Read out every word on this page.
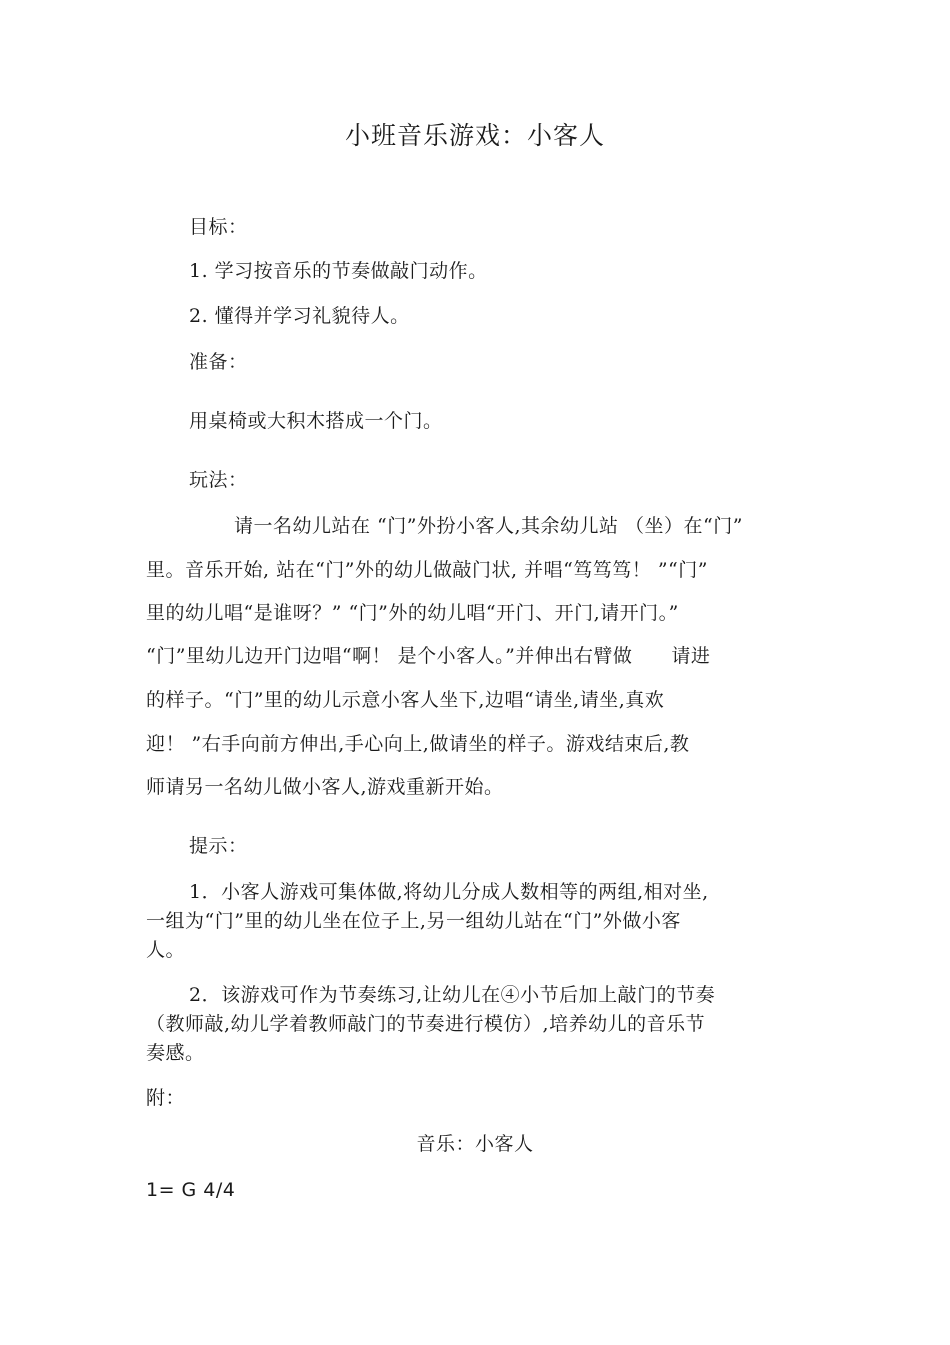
小班音乐游戏：小客人
目标：
1. 学习按音乐的节奏做敲门动作。
2. 懂得并学习礼貌待人。
准备：
用桌椅或大积木搭成一个门。
玩法：
请一名幼儿站在 “门”外扮小客人,其余幼儿站 （坐）在“门”
里。音乐开始, 站在“门”外的幼儿做敲门状, 并唱“笃笃笃！ ”“门”
里的幼儿唱“是谁呀？” “门”外的幼儿唱“开门、开门,请开门。”
“门”里幼儿边开门边唱“啊！ 是个小客人。”并伸出右臂做　　请进
的样子。“门”里的幼儿示意小客人坐下,边唱“请坐,请坐,真欢
迎！ ”右手向前方伸出,手心向上,做请坐的样子。游戏结束后,教
师请另一名幼儿做小客人,游戏重新开始。
提示：
1．小客人游戏可集体做,将幼儿分成人数相等的两组,相对坐,
一组为“门”里的幼儿坐在位子上,另一组幼儿站在“门”外做小客
人。
2．该游戏可作为节奏练习,让幼儿在④小节后加上敲门的节奏
（教师敲,幼儿学着教师敲门的节奏进行模仿）,培养幼儿的音乐节
奏感。
附：
音乐：小客人
1= G 4/4
